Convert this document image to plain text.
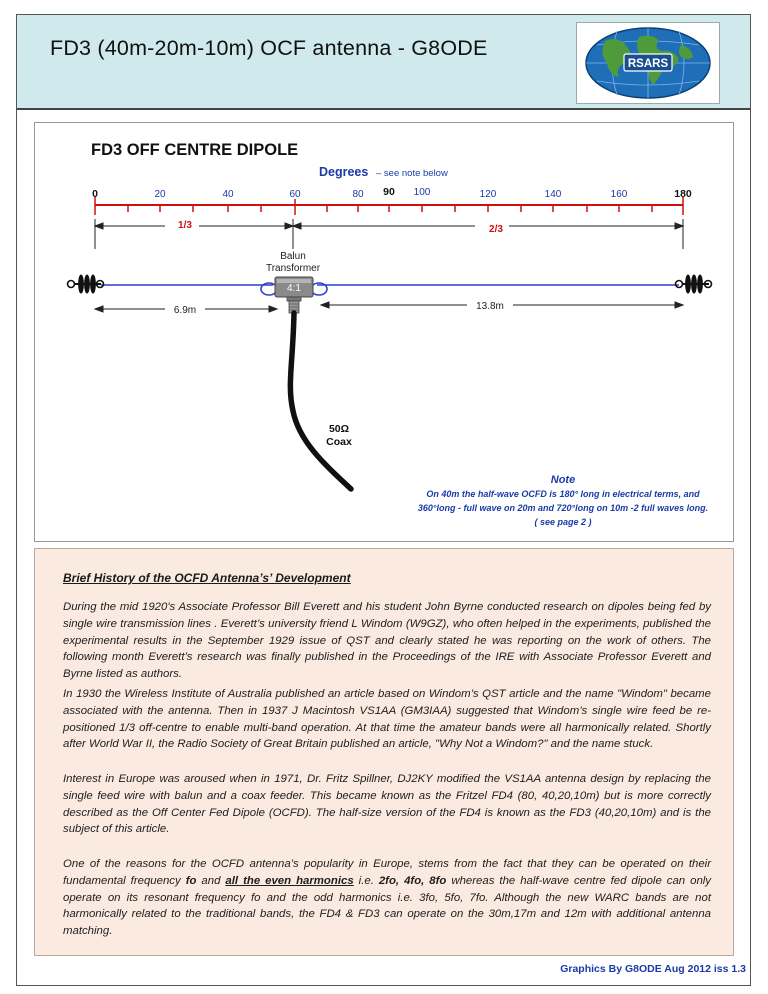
FD3 (40m-20m-10m) OCF antenna - G8ODE
RSARS
FD3 OFF CENTRE DIPOLE
Degrees – see note below
0	20	40	60	80 90 100	120	140	160	180
1/3	2/3
Balun
Transformer
4:1
50Ω
Coax
6.9m	13.8m
Note
On 40m the half-wave OCFD is 180° long in electrical terms, and
360°long - full wave on 20m and 720°long on 10m -2 full waves long.
( see page 2 )
Brief History of the OCFD Antenna’s’ Development

During the mid 1920's Associate Professor Bill Everett and his student John Byrne conducted research on dipoles being fed by single wire transmission lines . Everett’s university friend L Windom (W9GZ), who often helped in the experiments, published the experimental results in the September 1929 issue of QST and clearly stated he was reporting on the work of others. The following month Everett’s research was finally published in the Proceedings of the IRE with Associate Professor Everett and Byrne listed as authors.

In 1930 the Wireless Institute of Australia published an article based on Windom’s QST article and the name "Windom" became associated with the antenna. Then in 1937 J Macintosh VS1AA (GM3IAA) suggested that Windom’s single wire feed be re-positioned 1/3 off-centre to enable multi-band operation. At that time the amateur bands were all harmonically related. Shortly after World War II, the Radio Society of Great Britain published an article, "Why Not a Windom?" and the name stuck.

Interest in Europe was aroused when in 1971, Dr. Fritz Spillner, DJ2KY modified the VS1AA antenna design by replacing the single feed wire with balun and a coax feeder. This became known as the Fritzel FD4 (80, 40,20,10m) but is more correctly described as the Off Center Fed Dipole (OCFD). The half-size version of the FD4 is known as the FD3 (40,20,10m) and is the subject of this article.

One of the reasons for the OCFD antenna’s popularity in Europe, stems from the fact that they can be operated on their fundamental frequency fo and all the even harmonics i.e. 2fo, 4fo, 8fo whereas the half-wave centre fed dipole can only operate on its resonant frequency fo and the odd harmonics i.e. 3fo, 5fo, 7fo. Although the new WARC bands are not harmonically related to the traditional bands, the FD4 & FD3 can operate on the 30m,17m and 12m with additional antenna matching.

Graphics By G8ODE Aug 2012 iss 1.3
